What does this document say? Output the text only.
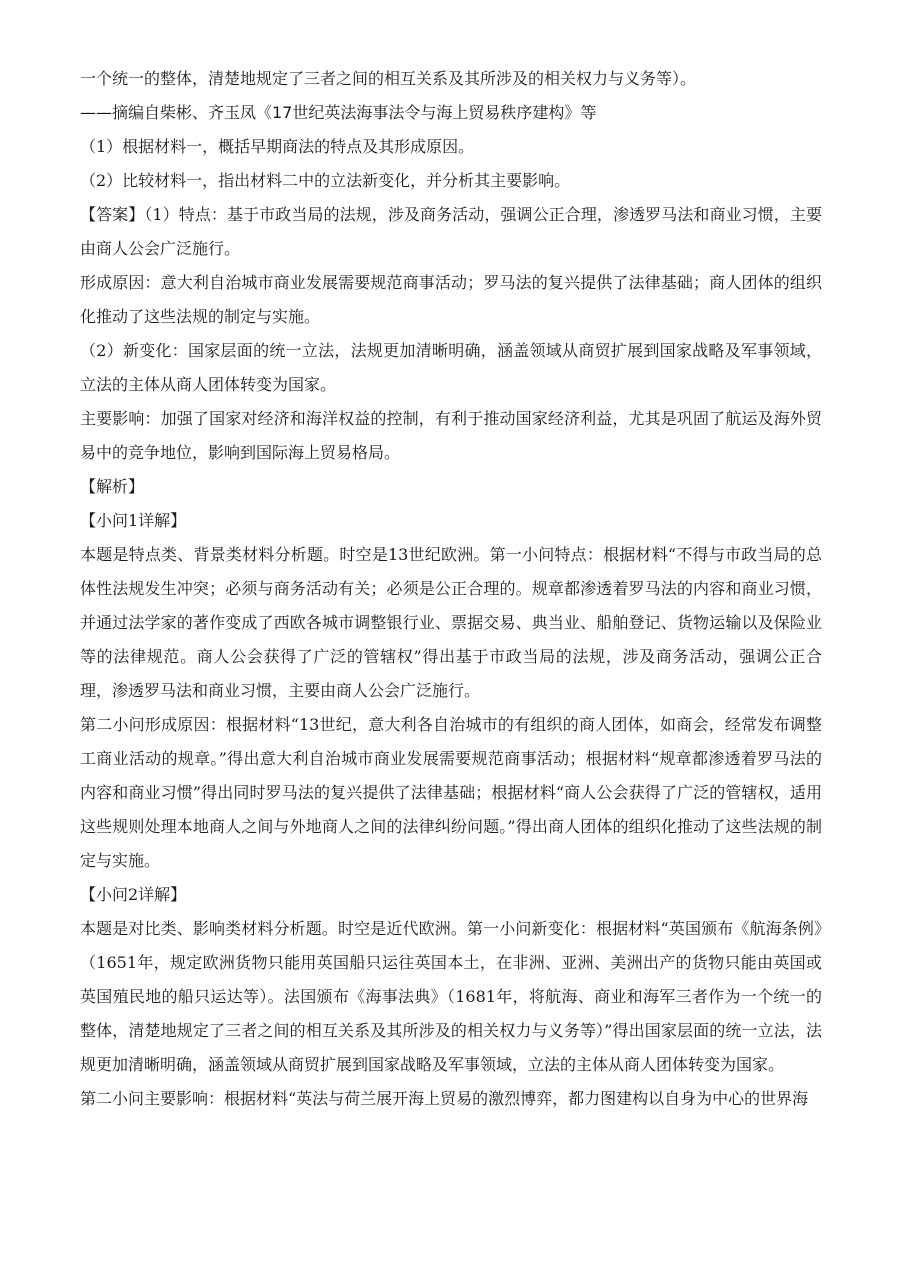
一个统一的整体，清楚地规定了三者之间的相互关系及其所涉及的相关权力与义务等）。

——摘编自柴彬、齐玉凤《17世纪英法海事法令与海上贸易秩序建构》等

（1）根据材料一，概括早期商法的特点及其形成原因。

（2）比较材料一，指出材料二中的立法新变化，并分析其主要影响。

【答案】（1）特点：基于市政当局的法规，涉及商务活动，强调公正合理，渗透罗马法和商业习惯，主要由商人公会广泛施行。

形成原因：意大利自治城市商业发展需要规范商事活动；罗马法的复兴提供了法律基础；商人团体的组织化推动了这些法规的制定与实施。

（2）新变化：国家层面的统一立法，法规更加清晰明确，涵盖领域从商贸扩展到国家战略及军事领域，立法的主体从商人团体转变为国家。

主要影响：加强了国家对经济和海洋权益的控制，有利于推动国家经济利益，尤其是巩固了航运及海外贸易中的竞争地位，影响到国际海上贸易格局。

【解析】

【小问1详解】

本题是特点类、背景类材料分析题。时空是13世纪欧洲。第一小问特点：根据材料“不得与市政当局的总体性法规发生冲突；必须与商务活动有关；必须是公正合理的。规章都渗透着罗马法的内容和商业习惯，并通过法学家的著作变成了西欧各城市调整银行业、票据交易、典当业、船舶登记、货物运输以及保险业等的法律规范。商人公会获得了广泛的管辖权”得出基于市政当局的法规，涉及商务活动，强调公正合理，渗透罗马法和商业习惯，主要由商人公会广泛施行。

第二小问形成原因：根据材料“13世纪，意大利各自治城市的有组织的商人团体，如商会，经常发布调整工商业活动的规章。”得出意大利自治城市商业发展需要规范商事活动；根据材料“规章都渗透着罗马法的内容和商业习惯”得出同时罗马法的复兴提供了法律基础；根据材料“商人公会获得了广泛的管辖权，适用这些规则处理本地商人之间与外地商人之间的法律纠纷问题。”得出商人团体的组织化推动了这些法规的制定与实施。

【小问2详解】

本题是对比类、影响类材料分析题。时空是近代欧洲。第一小问新变化：根据材料“英国颁布《航海条例》（1651年，规定欧洲货物只能用英国船只运往英国本土，在非洲、亚洲、美洲出产的货物只能由英国或英国殖民地的船只运达等）。法国颁布《海事法典》（1681年，将航海、商业和海军三者作为一个统一的整体，清楚地规定了三者之间的相互关系及其所涉及的相关权力与义务等）”得出国家层面的统一立法，法规更加清晰明确，涵盖领域从商贸扩展到国家战略及军事领域，立法的主体从商人团体转变为国家。

第二小问主要影响：根据材料“英法与荷兰展开海上贸易的激烈博弈，都力图建构以自身为中心的世界海
